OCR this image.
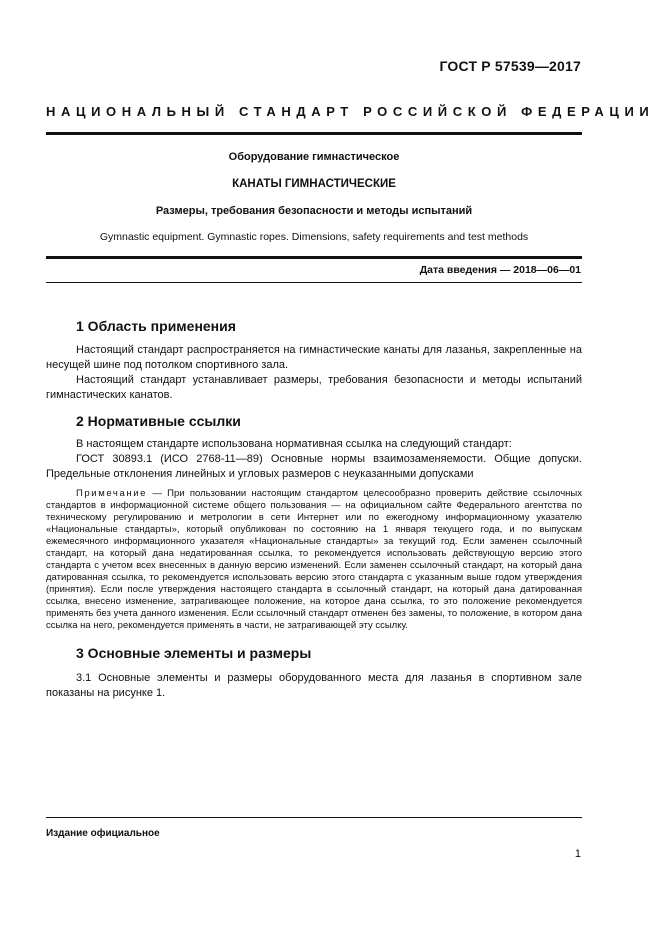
ГОСТ Р 57539—2017
НАЦИОНАЛЬНЫЙ СТАНДАРТ РОССИЙСКОЙ ФЕДЕРАЦИИ
Оборудование гимнастическое
КАНАТЫ ГИМНАСТИЧЕСКИЕ
Размеры, требования безопасности и методы испытаний
Gymnastic equipment. Gymnastic ropes. Dimensions, safety requirements and test methods
Дата введения — 2018—06—01
1 Область применения
Настоящий стандарт распространяется на гимнастические канаты для лазанья, закрепленные на несущей шине под потолком спортивного зала.
Настоящий стандарт устанавливает размеры, требования безопасности и методы испытаний гимнастических канатов.
2 Нормативные ссылки
В настоящем стандарте использована нормативная ссылка на следующий стандарт:
ГОСТ 30893.1 (ИСО 2768-11—89) Основные нормы взаимозаменяемости. Общие допуски. Предельные отклонения линейных и угловых размеров с неуказанными допусками
Примечание — При пользовании настоящим стандартом целесообразно проверить действие ссылочных стандартов в информационной системе общего пользования — на официальном сайте Федерального агентства по техническому регулированию и метрологии в сети Интернет или по ежегодному информационному указателю «Национальные стандарты», который опубликован по состоянию на 1 января текущего года, и по выпускам ежемесячного информационного указателя «Национальные стандарты» за текущий год. Если заменен ссылочный стандарт, на который дана недатированная ссылка, то рекомендуется использовать действующую версию этого стандарта с учетом всех внесенных в данную версию изменений. Если заменен ссылочный стандарт, на который дана датированная ссылка, то рекомендуется использовать версию этого стандарта с указанным выше годом утверждения (принятия). Если после утверждения настоящего стандарта в ссылочный стандарт, на который дана датированная ссылка, внесено изменение, затрагивающее положение, на которое дана ссылка, то это положение рекомендуется применять без учета данного изменения. Если ссылочный стандарт отменен без замены, то положение, в котором дана ссылка на него, рекомендуется применять в части, не затрагивающей эту ссылку.
3 Основные элементы и размеры
3.1 Основные элементы и размеры оборудованного места для лазанья в спортивном зале показаны на рисунке 1.
Издание официальное
1
